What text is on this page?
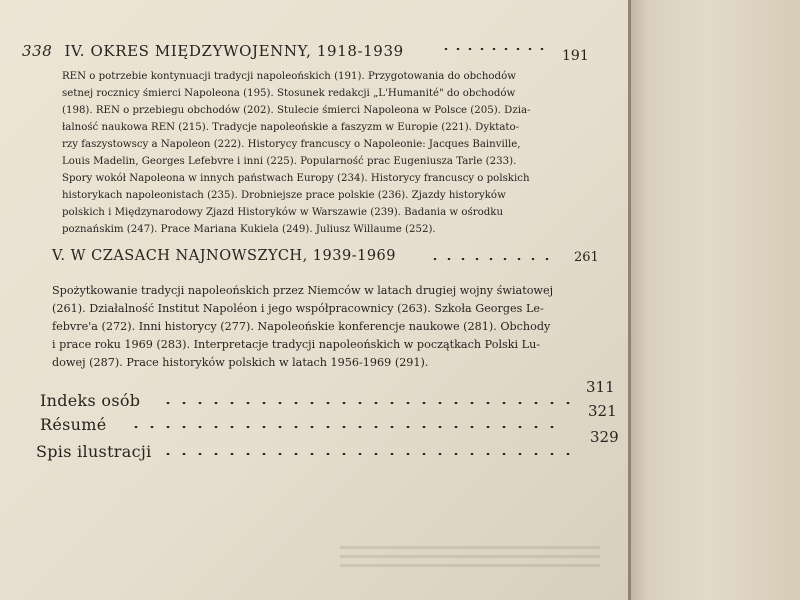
338 IV. OKRES MIĘDZYWOJENNY, 1918-1939	191
REN o potrzebie kontynuacji tradycji napoleońskich (191). Przygotowania do obchodów
setnej rocznicy śmierci Napoleona (195). Stosunek redakcji „L'Humanité" do obchodów
(198). REN o przebiegu obchodów (202). Stulecie śmierci Napoleona w Polsce (205). Dzia-
łalność naukowa REN (215). Tradycje napoleońskie a faszyzm w Europie (221). Dyktato-
rzy faszystowscy a Napoleon (222). Historycy francuscy o Napoleonie: Jacques Bainville,
Louis Madelin, Georges Lefebvre i inni (225). Popularność prac Eugeniusza Tarle (233).
Spory wokół Napoleona w innych państwach Europy (234). Historycy francuscy o polskich
historykach napoleonistach (235). Drobniejsze prace polskie (236). Zjazdy historyków
polskich i Międzynarodowy Zjazd Historyków w Warszawie (239). Badania w ośrodku
poznańskim (247). Prace Mariana Kukiela (249). Juliusz Willaume (252).
V. W CZASACH NAJNOWSZYCH, 1939-1969	261
Spożytkowanie tradycji napoleońskich przez Niemców w latach drugiej wojny światowej
(261). Działalność Institut Napoléon i jego współpracownicy (263). Szkoła Georges Le-
febvre'a (272). Inni historycy (277). Napoleońskie konferencje naukowe (281). Obchody
i prace roku 1969 (283). Interpretacje tradycji napoleońskich w początkach Polski Lu-
dowej (287). Prace historyków polskich w latach 1956-1969 (291).
Indeks osób
311
Résumé
321
Spis ilustracji
329
